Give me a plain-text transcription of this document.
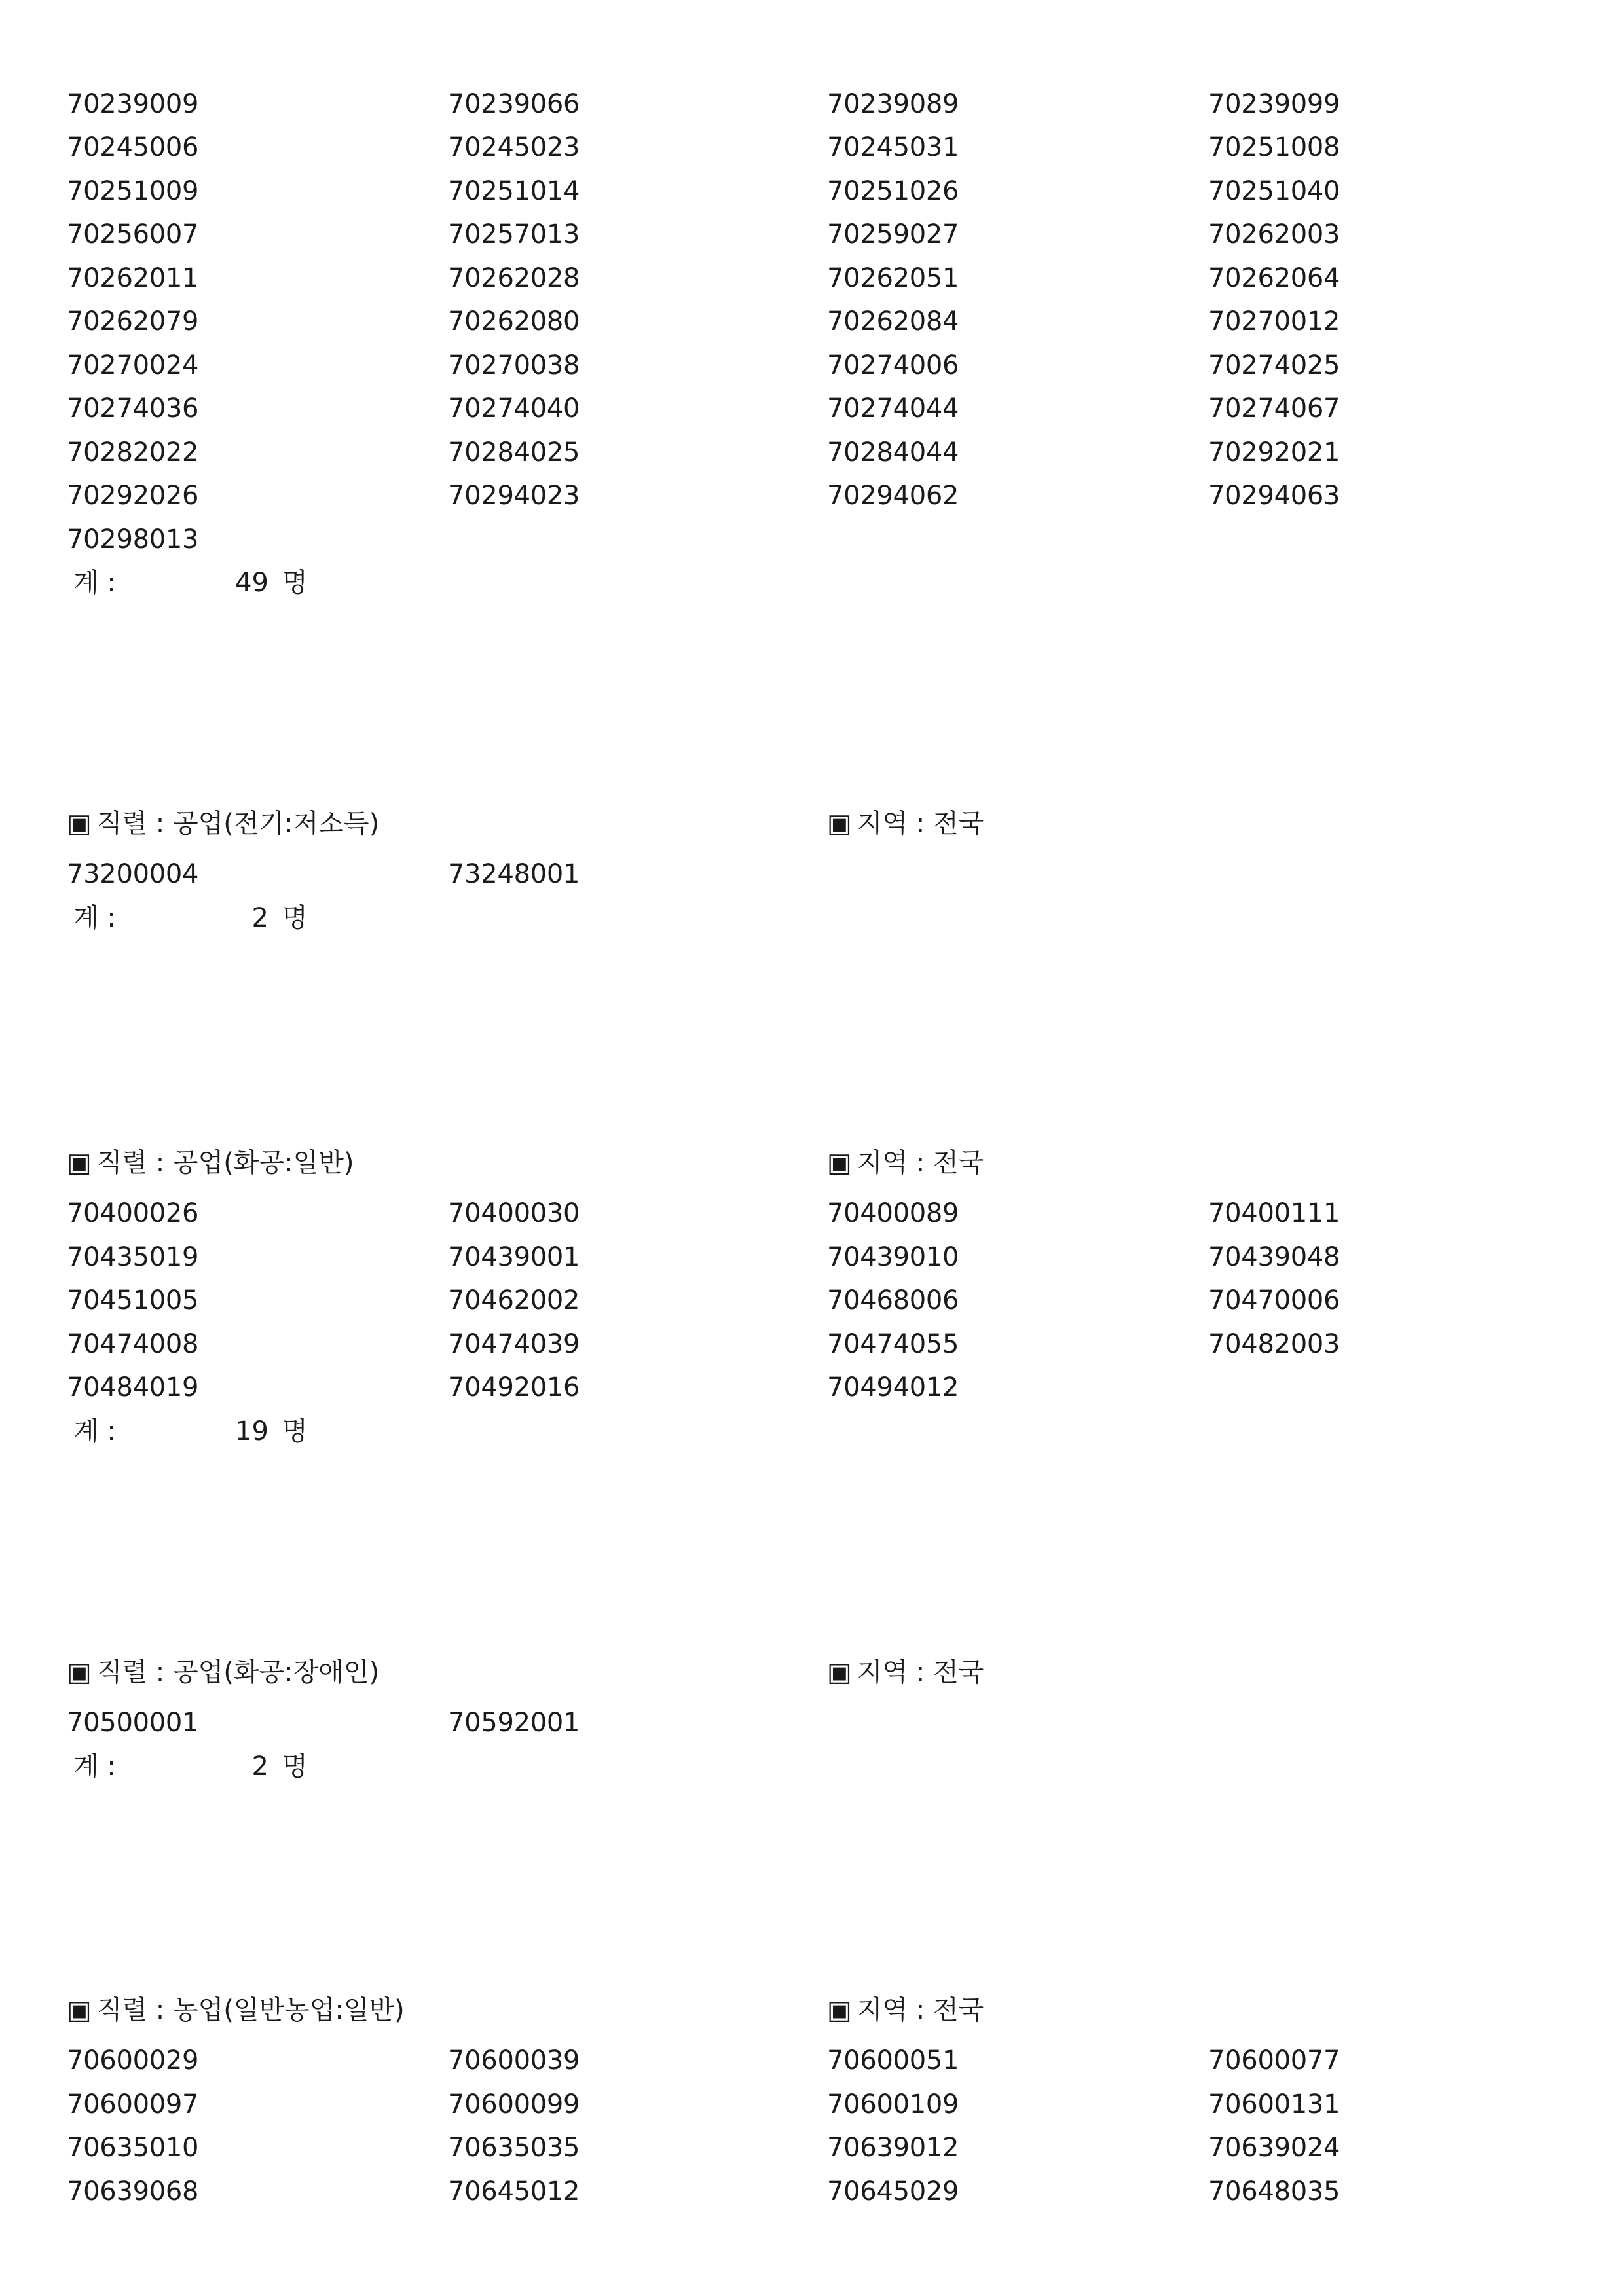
70239009	70239066	70239089	70239099
70245006	70245023	70245031	70251008
70251009	70251014	70251026	70251040
70256007	70257013	70259027	70262003
70262011	70262028	70262051	70262064
70262079	70262080	70262084	70270012
70270024	70270038	70274006	70274025
70274036	70274040	70274044	70274067
70282022	70284025	70284044	70292021
70292026	70294023	70294062	70294063
70298013
계 :	49 명
▣ 직렬 : 공업(전기:저소득)	▣ 지역 : 전국
73200004	73248001
계 :	2 명
▣ 직렬 : 공업(화공:일반)	▣ 지역 : 전국
70400026	70400030	70400089	70400111
70435019	70439001	70439010	70439048
70451005	70462002	70468006	70470006
70474008	70474039	70474055	70482003
70484019	70492016	70494012
계 :	19 명
▣ 직렬 : 공업(화공:장애인)	▣ 지역 : 전국
70500001	70592001
계 :	2 명
▣ 직렬 : 농업(일반농업:일반)	▣ 지역 : 전국
70600029	70600039	70600051	70600077
70600097	70600099	70600109	70600131
70635010	70635035	70639012	70639024
70639068	70645012	70645029	70648035
